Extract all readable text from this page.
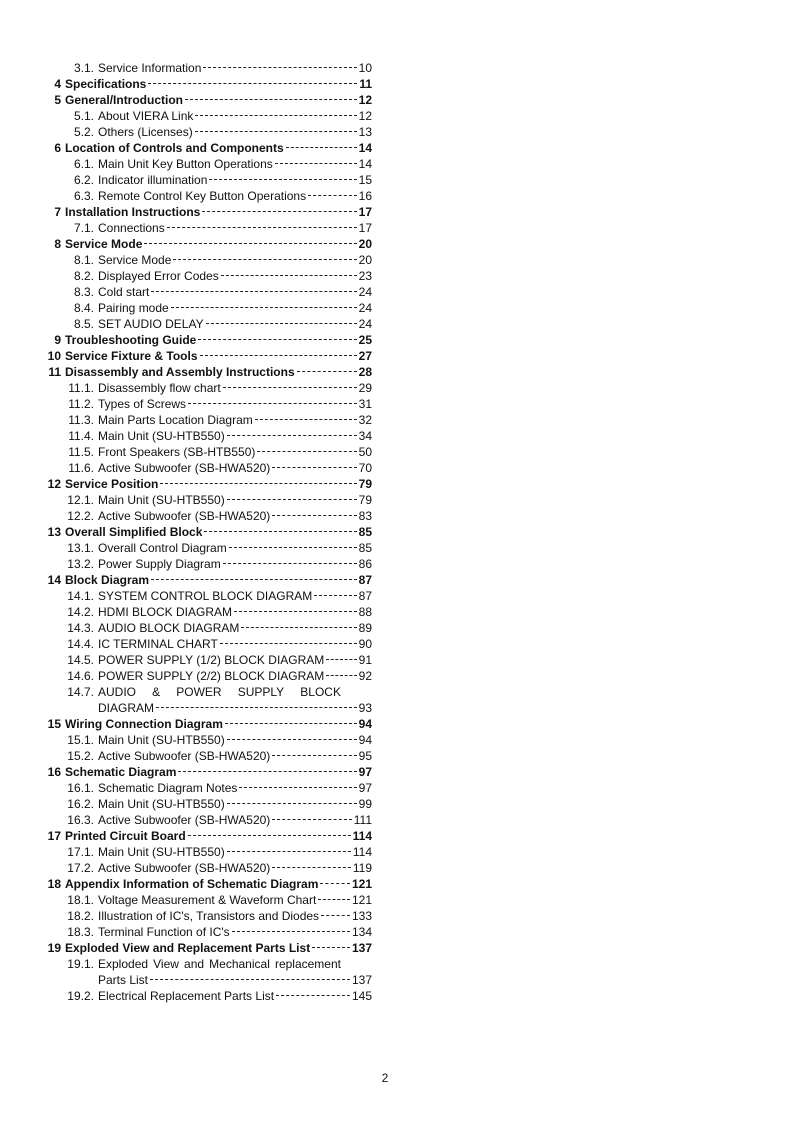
3.1. Service Information	10
4 Specifications	11
5 General/Introduction	12
5.1. About VIERA Link	12
5.2. Others (Licenses)	13
6 Location of Controls and Components	14
6.1. Main Unit Key Button Operations	14
6.2. Indicator illumination	15
6.3. Remote Control Key Button Operations	16
7 Installation Instructions	17
7.1. Connections	17
8 Service Mode	20
8.1. Service Mode	20
8.2. Displayed Error Codes	23
8.3. Cold start	24
8.4. Pairing mode	24
8.5. SET AUDIO DELAY	24
9 Troubleshooting Guide	25
10 Service Fixture & Tools	27
11 Disassembly and Assembly Instructions	28
11.1. Disassembly flow chart	29
11.2. Types of Screws	31
11.3. Main Parts Location Diagram	32
11.4. Main Unit (SU-HTB550)	34
11.5. Front Speakers (SB-HTB550)	50
11.6. Active Subwoofer (SB-HWA520)	70
12 Service Position	79
12.1. Main Unit (SU-HTB550)	79
12.2. Active Subwoofer (SB-HWA520)	83
13 Overall Simplified Block	85
13.1. Overall Control Diagram	85
13.2. Power Supply Diagram	86
14 Block Diagram	87
14.1. SYSTEM CONTROL BLOCK DIAGRAM	87
14.2. HDMI BLOCK DIAGRAM	88
14.3. AUDIO BLOCK DIAGRAM	89
14.4. IC TERMINAL CHART	90
14.5. POWER SUPPLY (1/2) BLOCK DIAGRAM	91
14.6. POWER SUPPLY (2/2) BLOCK DIAGRAM	92
14.7. AUDIO & POWER SUPPLY BLOCK
DIAGRAM	93
15 Wiring Connection Diagram	94
15.1. Main Unit (SU-HTB550)	94
15.2. Active Subwoofer (SB-HWA520)	95
16 Schematic Diagram	97
16.1. Schematic Diagram Notes	97
16.2. Main Unit (SU-HTB550)	99
16.3. Active Subwoofer (SB-HWA520)	111
17 Printed Circuit Board	114
17.1. Main Unit (SU-HTB550)	114
17.2. Active Subwoofer (SB-HWA520)	119
18 Appendix Information of Schematic Diagram	121
18.1. Voltage Measurement & Waveform Chart	121
18.2. Illustration of IC's, Transistors and Diodes	133
18.3. Terminal Function of IC's	134
19 Exploded View and Replacement Parts List	137
19.1. Exploded View and Mechanical replacement
Parts List	137
19.2. Electrical Replacement Parts List	145
2
